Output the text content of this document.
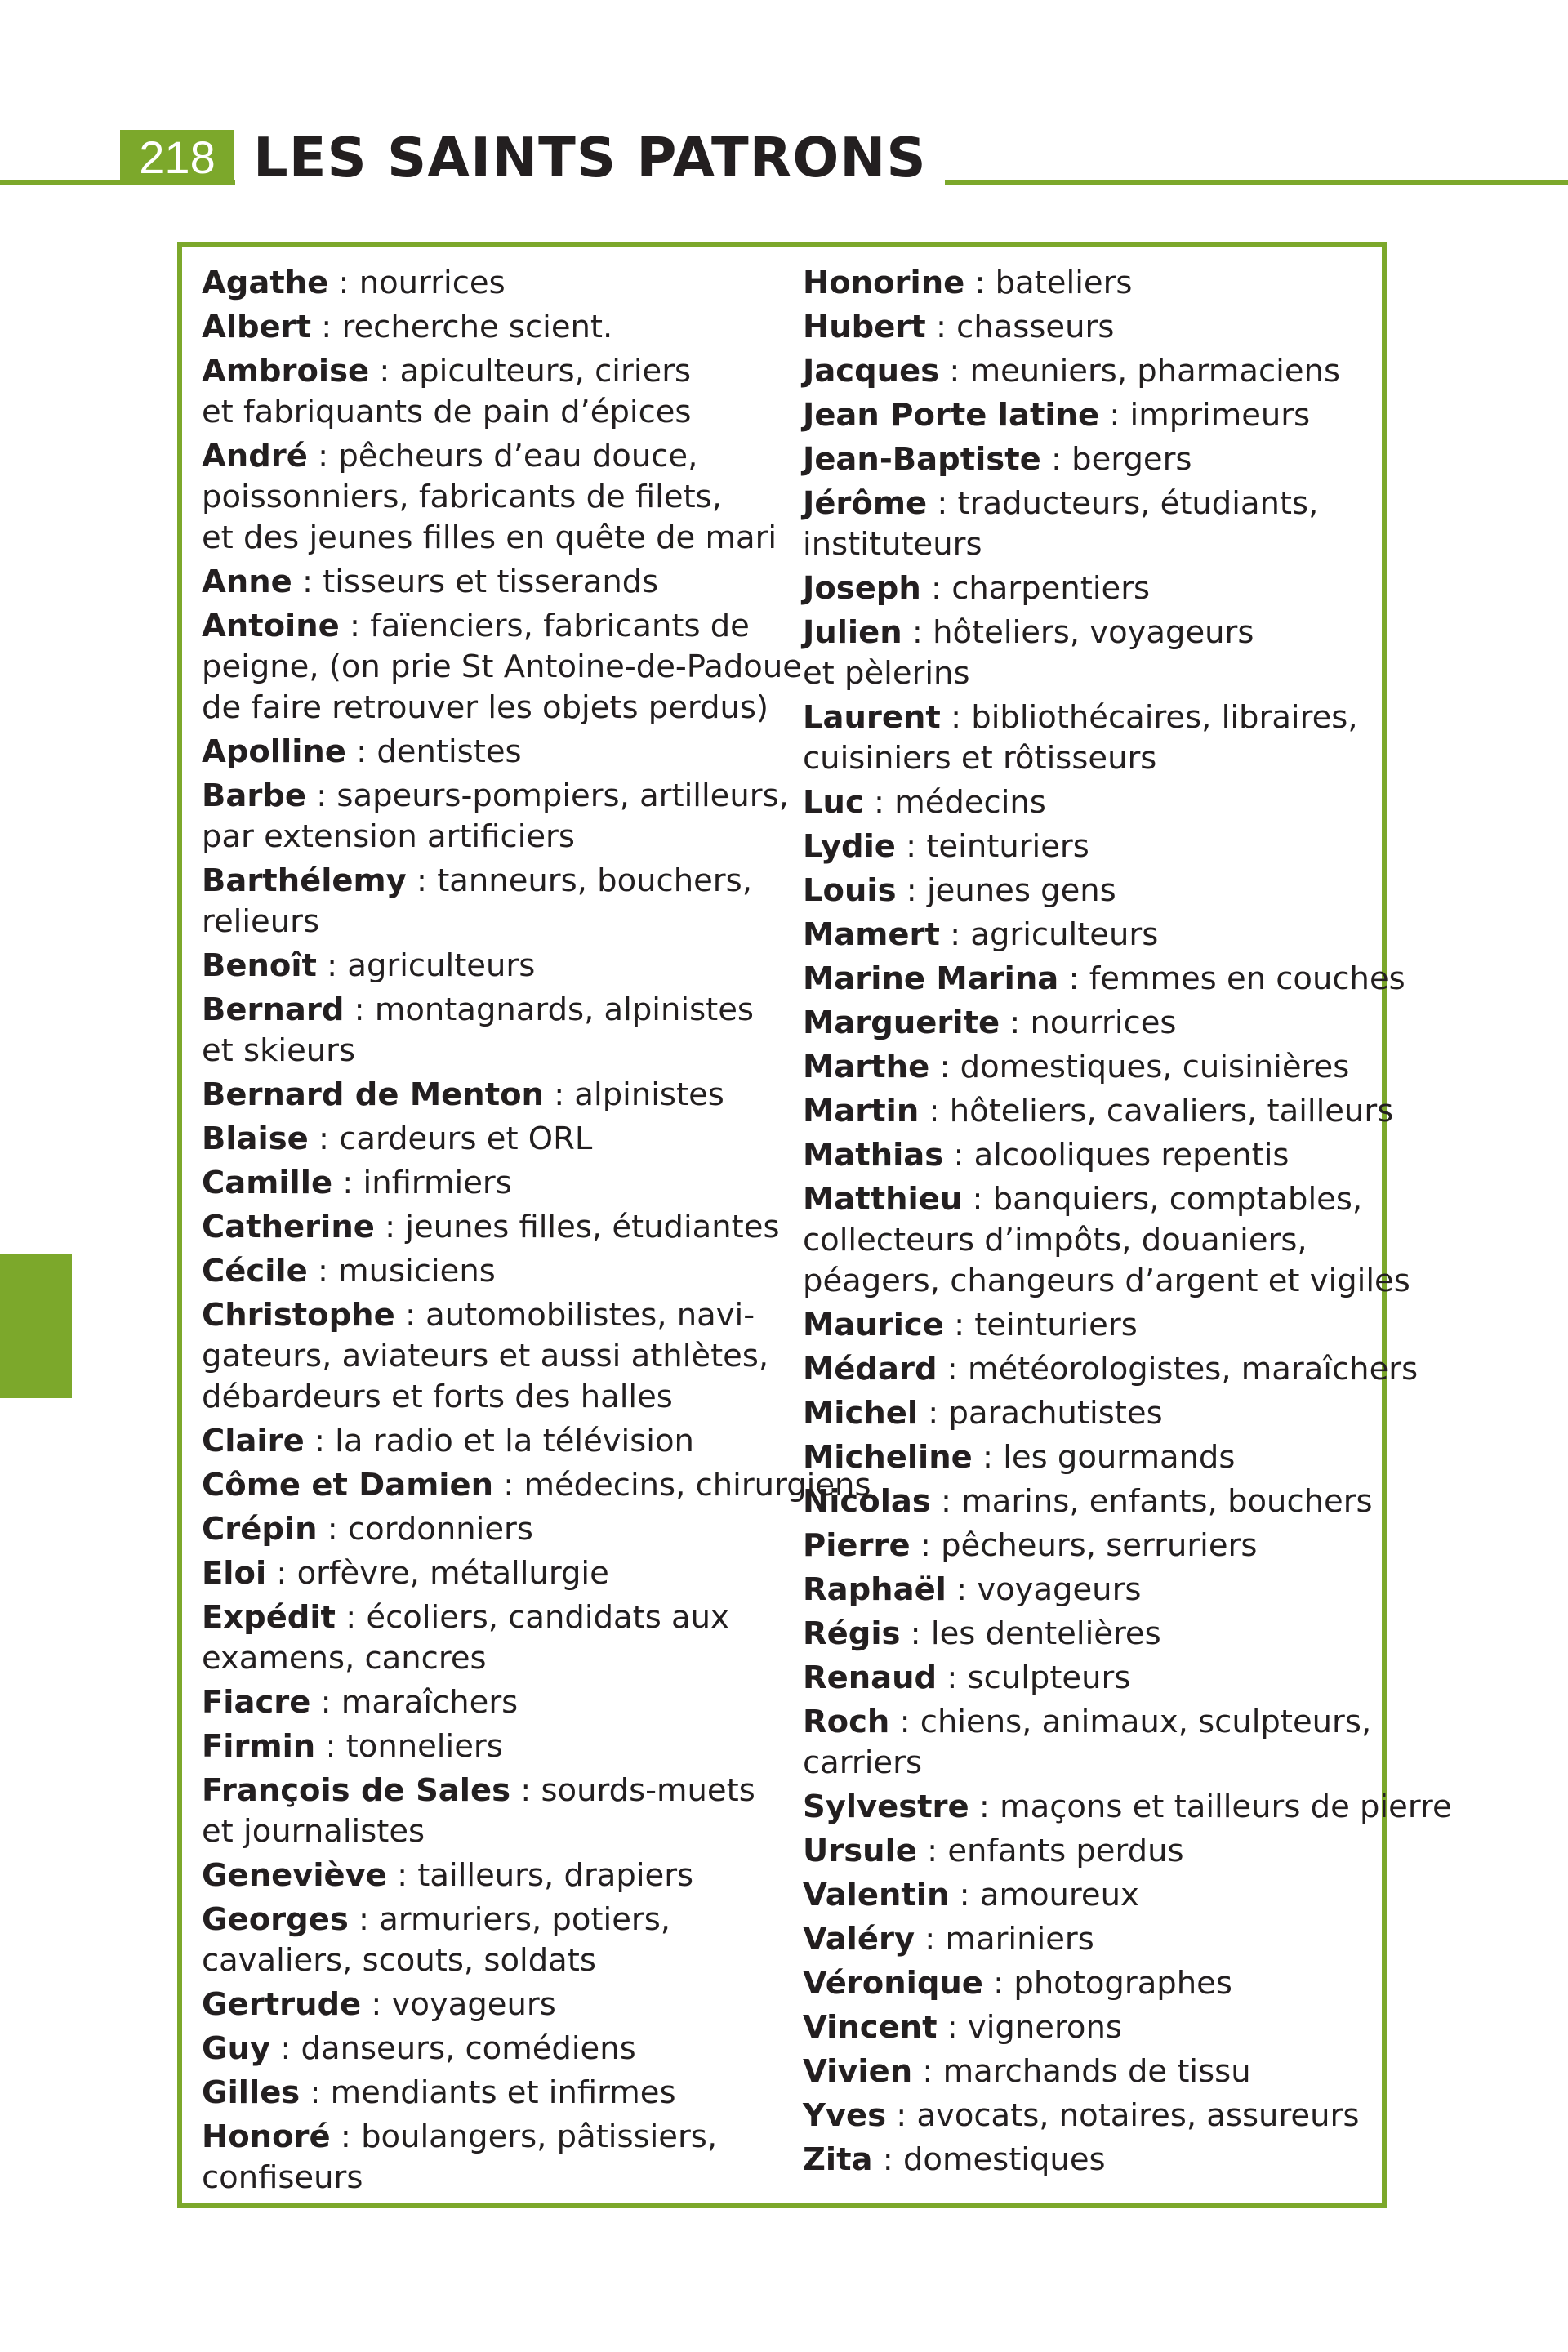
218 LES SAINTS PATRONS
Agathe : nourrices
Albert : recherche scient.
Ambroise : apiculteurs, ciriers
et fabriquants de pain d’épices
André : pêcheurs d’eau douce,
poissonniers, fabricants de filets,
et des jeunes filles en quête de mari
Anne : tisseurs et tisserands
Antoine : faïenciers, fabricants de
peigne, (on prie St Antoine-de-Padoue
de faire retrouver les objets perdus)
Apolline : dentistes
Barbe : sapeurs-pompiers, artilleurs,
par extension artificiers
Barthélemy : tanneurs, bouchers,
relieurs
Benoît : agriculteurs
Bernard : montagnards, alpinistes
et skieurs
Bernard de Menton : alpinistes
Blaise : cardeurs et ORL
Camille : infirmiers
Catherine : jeunes filles, étudiantes
Cécile : musiciens
Christophe : automobilistes, navi-
gateurs, aviateurs et aussi athlètes,
débardeurs et forts des halles
Claire : la radio et la télévision
Côme et Damien : médecins, chirurgiens
Crépin : cordonniers
Eloi : orfèvre, métallurgie
Expédit : écoliers, candidats aux
examens, cancres
Fiacre : maraîchers
Firmin : tonneliers
François de Sales : sourds-muets
et journalistes
Geneviève : tailleurs, drapiers
Georges : armuriers, potiers,
cavaliers, scouts, soldats
Gertrude : voyageurs
Guy : danseurs, comédiens
Gilles : mendiants et infirmes
Honoré : boulangers, pâtissiers,
confiseurs
Honorine : bateliers
Hubert : chasseurs
Jacques : meuniers, pharmaciens
Jean Porte latine : imprimeurs
Jean-Baptiste : bergers
Jérôme : traducteurs, étudiants,
instituteurs
Joseph : charpentiers
Julien : hôteliers, voyageurs
et pèlerins
Laurent : bibliothécaires, libraires,
cuisiniers et rôtisseurs
Luc : médecins
Lydie : teinturiers
Louis : jeunes gens
Mamert : agriculteurs
Marine Marina : femmes en couches
Marguerite : nourrices
Marthe : domestiques, cuisinières
Martin : hôteliers, cavaliers, tailleurs
Mathias : alcooliques repentis
Matthieu : banquiers, comptables,
collecteurs d’impôts, douaniers,
péagers, changeurs d’argent et vigiles
Maurice : teinturiers
Médard : météorologistes, maraîchers
Michel : parachutistes
Micheline : les gourmands
Nicolas : marins, enfants, bouchers
Pierre : pêcheurs, serruriers
Raphaël : voyageurs
Régis : les dentelières
Renaud : sculpteurs
Roch : chiens, animaux, sculpteurs,
carriers
Sylvestre : maçons et tailleurs de pierre
Ursule : enfants perdus
Valentin : amoureux
Valéry : mariniers
Véronique : photographes
Vincent : vignerons
Vivien : marchands de tissu
Yves : avocats, notaires, assureurs
Zita : domestiques
